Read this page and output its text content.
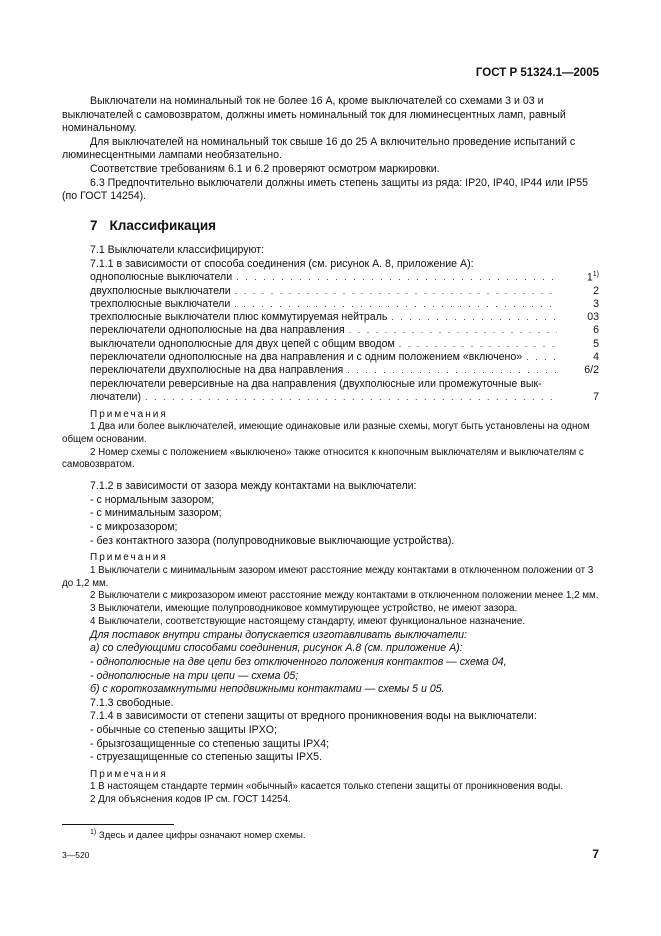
ГОСТ Р 51324.1—2005

Выключатели на номинальный ток не более 16 А, кроме выключателей со схемами 3 и 03 и выключателей с самовозвратом, должны иметь номинальный ток для люминесцентных ламп, равный номинальному.

Для выключателей на номинальный ток свыше 16 до 25 А включительно проведение испытаний с люминесцентными лампами необязательно.

Соответствие требованиям 6.1 и 6.2 проверяют осмотром маркировки.

6.3 Предпочтительно выключатели должны иметь степень защиты из ряда: IP20, IP40, IP44 или IP55 (по ГОСТ 14254).

7 Классификация

7.1 Выключатели классифицируют:

7.1.1 в зависимости от способа соединения (см. рисунок А. 8, приложение А):

однополюсные выключатели . . .	1$^{1)}$
двухполюсные выключатели . . .	2
трехполюсные выключатели . . .	3
трехполюсные выключатели плюс коммутируемая нейтраль . . .	03
переключатели однополюсные на два направления . . .	6
выключатели однополюсные для двух цепей с общим вводом . . .	5
переключатели однополюсные на два направления и с одним положением «включено» . . .	4
переключатели двухполюсные на два направления . . .	6/2
переключатели реверсивные на два направления (двухполюсные или промежуточные вык-
лючатели) . . .	7
Примечания

1 Два или более выключателей, имеющие одинаковые или разные схемы, могут быть установлены на одном общем основании.

2 Номер схемы с положением «выключено» также относится к кнопочным выключателям и выключателям с самовозвратом.

7.1.2 в зависимости от зазора между контактами на выключатели:

- с нормальным зазором;

- с минимальным зазором;

- с микрозазором;

- без контактного зазора (полупроводниковые выключающие устройства).

Примечания

1 Выключатели с минимальным зазором имеют расстояние между контактами в отключенном положении от 3 до 1,2 мм.

2 Выключатели с микрозазором имеют расстояние между контактами в отключенном положении менее 1,2 мм.

3 Выключатели, имеющие полупроводниковое коммутирующее устройство, не имеют зазора.

4 Выключатели, соответствующие настоящему стандарту, имеют функциональное назначение.

Для поставок внутри страны допускается изготавливать выключатели:

а) со следующими способами соединения, рисунок А.8 (см. приложение А):

- однополюсные на две цепи без отключенного положения контактов — схема 04,

- однополюсные на три цепи — схема 05;

б) с короткозамкнутыми неподвижными контактами — схемы 5 и 05.

7.1.3 свободные.

7.1.4 в зависимости от степени защиты от вредного проникновения воды на выключатели:

- обычные со степенью защиты IPXO;

- брызгозащищенные со степенью защиты IPX4;

- струезащищенные со степенью защиты IPX5.

Примечания

1 В настоящем стандарте термин «обычный» касается только степени защиты от проникновения воды.

2 Для объяснения кодов IP см. ГОСТ 14254.

$^{1)}$ Здесь и далее цифры означают номер схемы.
3—520	7
